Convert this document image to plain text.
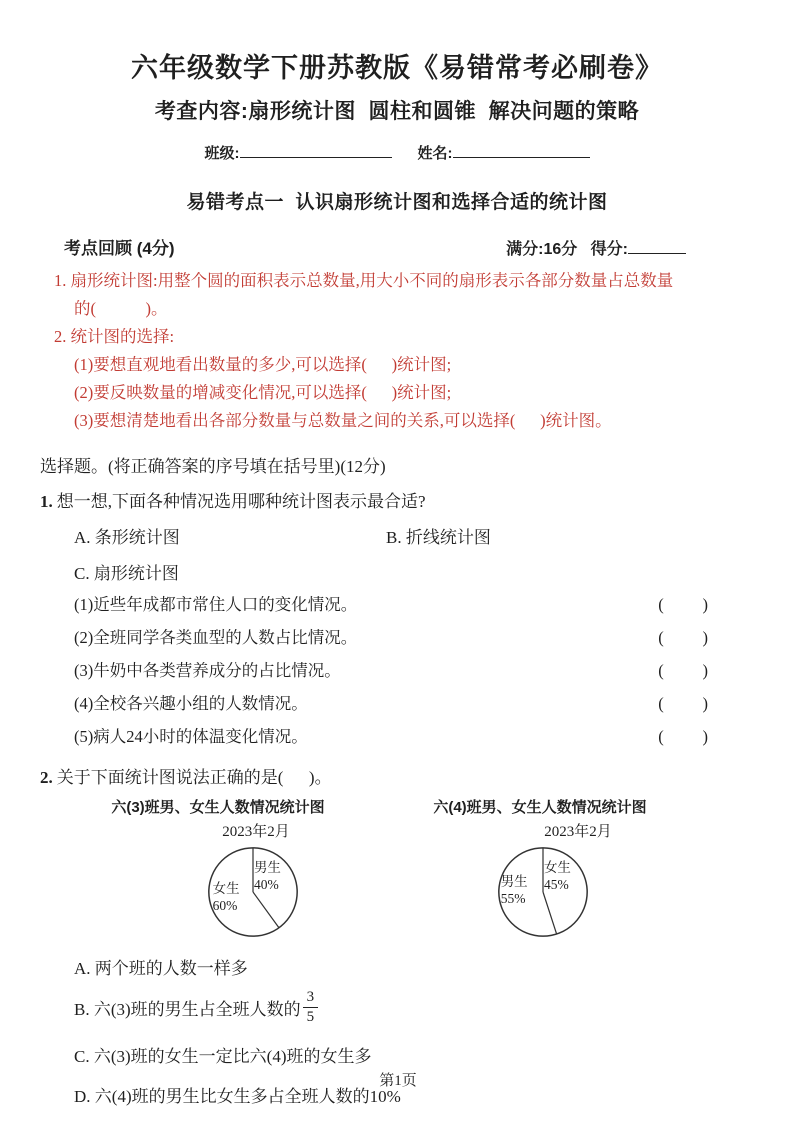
六年级数学下册苏教版《易错常考必刷卷》
考查内容:扇形统计图  圆柱和圆锥  解决问题的策略
班级:	姓名:
易错考点一  认识扇形统计图和选择合适的统计图
考点回顾 (4分)	满分:16分 得分:

1. 扇形统计图:用整个圆的面积表示总数量,用大小不同的扇形表示各部分数量占总数量

的(            )。

2. 统计图的选择:

(1)要想直观地看出数量的多少,可以选择(      )统计图;

(2)要反映数量的增减变化情况,可以选择(      )统计图;

(3)要想清楚地看出各部分数量与总数量之间的关系,可以选择(      )统计图。

选择题。(将正确答案的序号填在括号里)(12分)

1. 想一想,下面各种情况选用哪种统计图表示最合适?

A. 条形统计图	B. 折线统计图
C. 扇形统计图
(1)近些年成都市常住人口的变化情况。	(      )
(2)全班同学各类血型的人数占比情况。	(      )
(3)牛奶中各类营养成分的占比情况。	(      )
(4)全校各兴趣小组的人数情况。	(      )
(5)病人24小时的体温变化情况。	(      )

2. 关于下面统计图说法正确的是(      )。

六(3)班男、女生人数情况统计图
2023年2月
男生
40%
女生
60%
六(4)班男、女生人数情况统计图
2023年2月
女生
45%
男生
55%
A. 两个班的人数一样多
B. 六(3)班的男生占全班人数的 $\frac{3}{5}$
C. 六(3)班的女生一定比六(4)班的女生多
D. 六(4)班的男生比女生多占全班人数的10%
第1页
